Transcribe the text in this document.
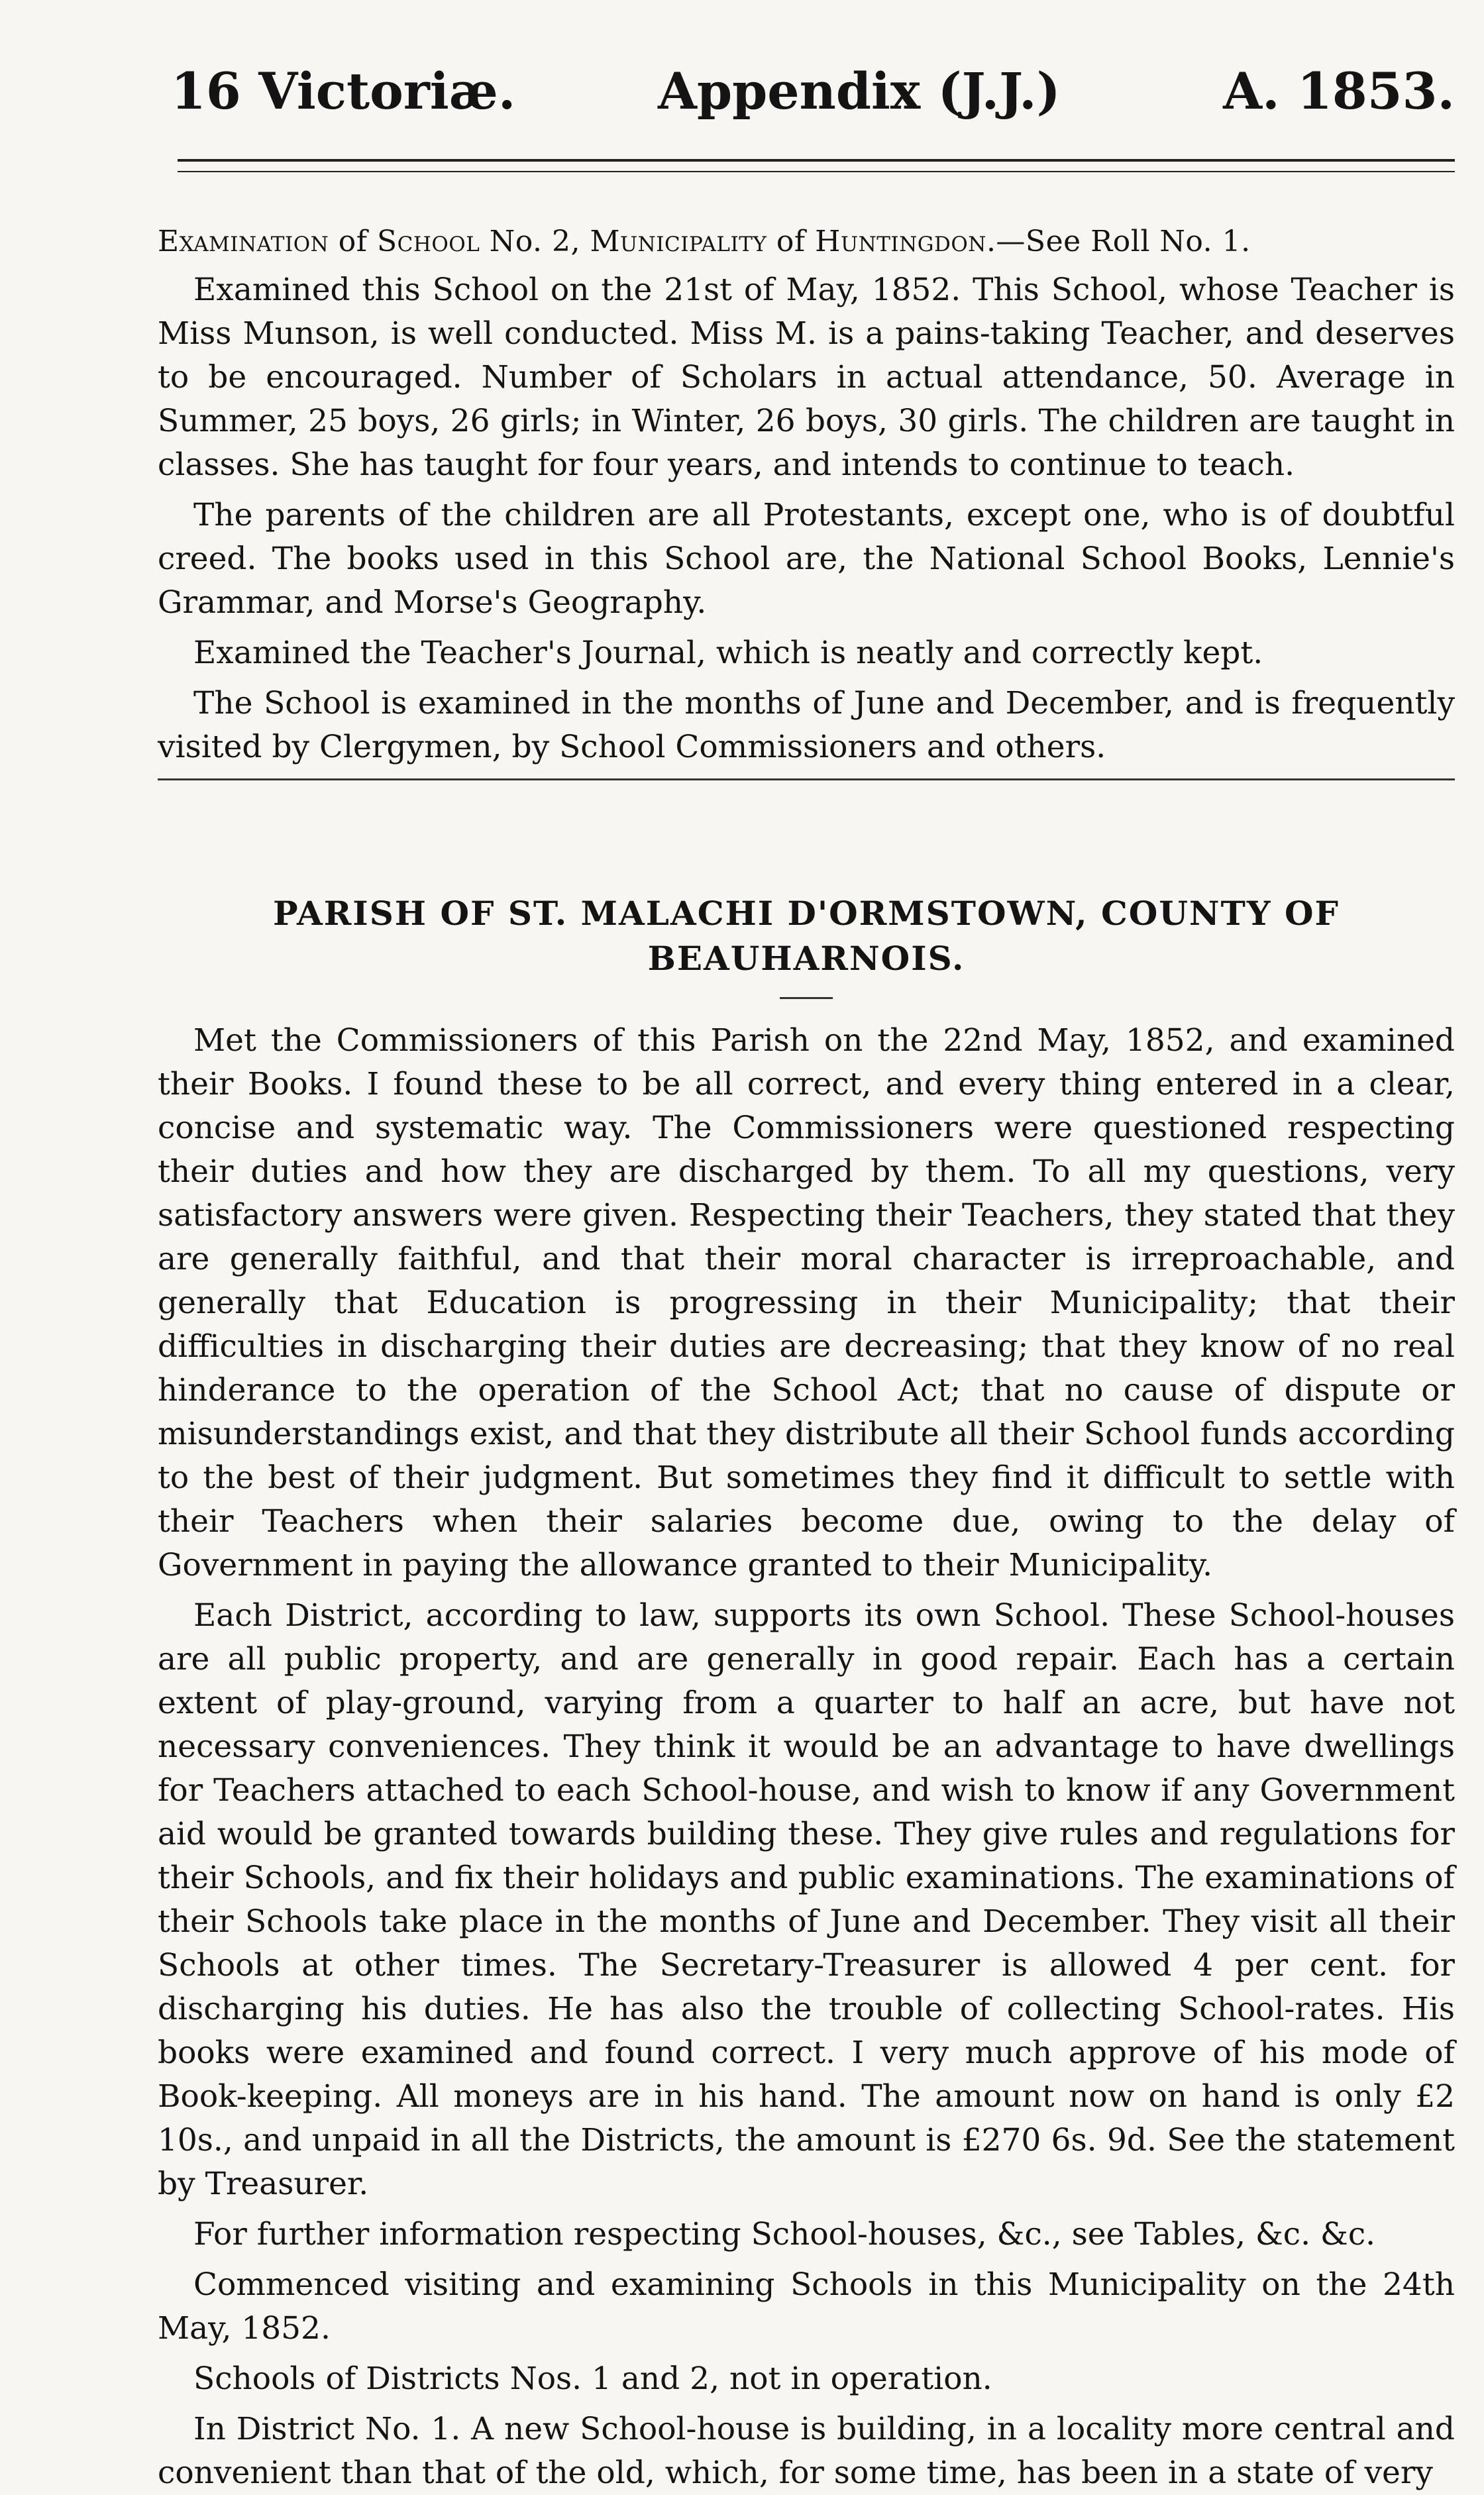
16 Victoriæ.	Appendix (J.J.)	A. 1853.
Examination of School No. 2, Municipality of Huntingdon.—See Roll No. 1.

Examined this School on the 21st of May, 1852. This School, whose Teacher is Miss Munson, is well conducted. Miss M. is a pains-taking Teacher, and deserves to be encouraged. Number of Scholars in actual attendance, 50. Average in Summer, 25 boys, 26 girls; in Winter, 26 boys, 30 girls. The children are taught in classes. She has taught for four years, and intends to continue to teach.

The parents of the children are all Protestants, except one, who is of doubtful creed. The books used in this School are, the National School Books, Lennie's Grammar, and Morse's Geography.

Examined the Teacher's Journal, which is neatly and correctly kept.

The School is examined in the months of June and December, and is frequently visited by Clergymen, by School Commissioners and others.

PARISH OF ST. MALACHI D'ORMSTOWN, COUNTY OF BEAUHARNOIS.

Met the Commissioners of this Parish on the 22nd May, 1852, and examined their Books. I found these to be all correct, and every thing entered in a clear, concise and systematic way. The Commissioners were questioned respecting their duties and how they are discharged by them. To all my questions, very satisfactory answers were given. Respecting their Teachers, they stated that they are generally faithful, and that their moral character is irreproachable, and generally that Education is progressing in their Municipality; that their difficulties in discharging their duties are decreasing; that they know of no real hinderance to the operation of the School Act; that no cause of dispute or misunderstandings exist, and that they distribute all their School funds according to the best of their judgment. But sometimes they find it difficult to settle with their Teachers when their salaries become due, owing to the delay of Government in paying the allowance granted to their Municipality.

Each District, according to law, supports its own School. These School-houses are all public property, and are generally in good repair. Each has a certain extent of play-ground, varying from a quarter to half an acre, but have not necessary conveniences. They think it would be an advantage to have dwellings for Teachers attached to each School-house, and wish to know if any Government aid would be granted towards building these. They give rules and regulations for their Schools, and fix their holidays and public examinations. The examinations of their Schools take place in the months of June and December. They visit all their Schools at other times. The Secretary-Treasurer is allowed 4 per cent. for discharging his duties. He has also the trouble of collecting School-rates. His books were examined and found correct. I very much approve of his mode of Book-keeping. All moneys are in his hand. The amount now on hand is only £2 10s., and unpaid in all the Districts, the amount is £270 6s. 9d. See the statement by Treasurer.

For further information respecting School-houses, &c., see Tables, &c. &c.

Commenced visiting and examining Schools in this Municipality on the 24th May, 1852.

Schools of Districts Nos. 1 and 2, not in operation.

In District No. 1. A new School-house is building, in a locality more central and convenient than that of the old, which, for some time, has been in a state of very
